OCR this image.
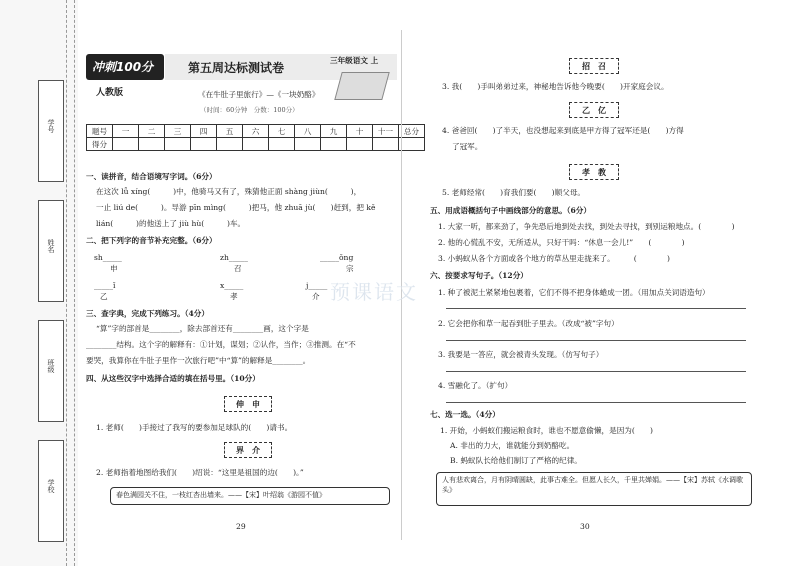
学号
姓名
班级
学校
冲刺100分	第五周达标测试卷
三年级语文 上
人教版	《在牛肚子里旅行》—《一块奶酪》
（时间：60分钟　分数：100分）
题号	一	二	三	四	五	六	七	八	九	十	十一	总分
得分												
一、读拼音，结合语境写字词。（6分）
在这次 lǚ xíng(　　　)中，他骑马又有了，殊猜他正面 shàng jiùn(　　　)，
一止 liú de(　　　)。导游 pīn mìng(　　　)把马，他 zhuā jù(　　)赶到，把 kě
lián(　　　)的他送上了 jiù hù(　　　)车。
二、把下列字的音节补充完整。（6分）
sh_____	zh_____	_____ǒng
申	召	宗
_____ǐ	x_____	j_____
乙	孝	介
三、查字典，完成下列练习。（4分）
“算”字的部首是________，除去部首还有________画，这个字是
________结构。这个字的解释有：①计划，谋划；②认作，当作；③推测。在“不
要哭，我算你在牛肚子里作一次旅行吧”中“算”的解释是________。
四、从这些汉字中选择合适的填在括号里。（10分）
伸　申
1. 老师(　　)手接过了我写的要参加足球队的(　　)请书。
界　介
2. 老师指着地图给我们(　　)绍说：“这里是祖国的边(　　)。”
春色满园关不住，一枝红杏出墙来。——【宋】叶绍翁《游园不值》
29
招　召
3. 我(　　)手叫弟弟过来，神秘地告诉他今晚要(　　)开家庭会议。
乙　亿
4. 爸爸回(　　)了半天，也没想起来到底是甲方得了冠军还是(　　)方得
了冠军。
孝　教
5. 老师经常(　　)育我们要(　　)顺父母。
五、用成语概括句子中画线部分的意思。（6分）
1. 大家一听，都来劲了，争先恐后地到处去找，到处去寻找，到别运粮地点。(　　　　)
2. 他的心慌乱不安，无所适从，只好干吗：“休息一会儿!”　　(　　　　)
3. 小蚂蚁从各个方面或各个地方的草丛里走拢来了。　　　(　　　　)
六、按要求写句子。（12分）
1. 种了被泥土紧紧地包裹着，它们不得不把身体蜷成一团。（用加点关词语造句）
2. 它会把你和草一起吞到肚子里去。（改成“被”字句）
3. 我要是一答应，就会被青头发现。（仿写句子）
4. 雪融化了。（扩句）
七、选一选。（4分）
1. 开始，小蚂蚁们搬运粮食时，谁也不愿意偷懒，是因为(　　)
A. 非出的力大，谁就能分到奶酪吃。
B. 蚂蚁队长给他们制订了严格的纪律。
人有悲欢离合，月有阴晴圆缺，此事古难全。但愿人长久，千里共婵娟。——【宋】苏轼《水调歌头》
30
预课语文
